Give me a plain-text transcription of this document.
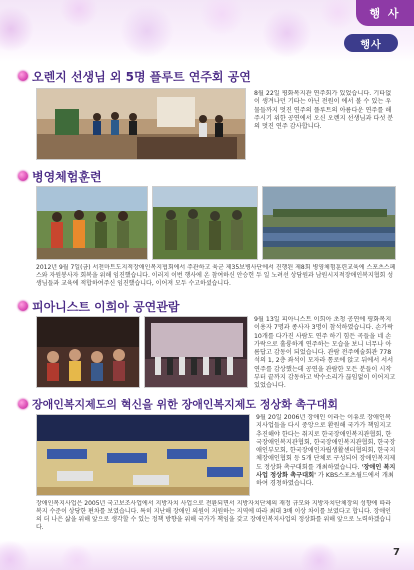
행 사
행사
오렌지 선생님 외 5명 플루트 연주회 공연
8월 22일 평화복지관 연주회가 있었습니다. 기타없이 생겨나던 기타는 아닌 전원이 에서 볼 수 있는 우물들까지 멋진 연주의 플루트의 아름다운 연주를 해주시기 위한 공연에서 오신 오렌지 선생님과 다섯 분의 멋진 연주 감사합니다.
병영체험훈련
2012년 9월 7일(금) 서천마트도지적장애인복지협회에서 주관하고 육군 제35보병사단에서 진행된 제8회 병영체험훈련교육에 스포츠스페스와 자원봉사자 회복을 위해 임진했습니다. 이러지 이번 행사에 온 참여하신 안승헌 두 일 노려선 상담원과 남원시지적장애인복지협회 성생님들과 교육에 적합하여주신 임진했습니다, 이어져 모두 수고하셨습니다.
피아니스트 이희아 공연관람
9월 13일 피아니스트 이희아 초청 공연에 평화복지 이용자 7명과 종사자 3명이 참석하였습니다. 손가락 10개를 다가진 사람도 연주 하기 힘든 곡들을 네 손가락으로 훌륭하게 연주하는 모습을 보니 너무나 아름답고 감동이 되었습니다. 관람 전주예술회관 778석의 1, 2층 좌석이 모자라 통로에 앉고 뒤에서 서서 연주를 감상했는데 공연을 관람한 모든 분들이 시작부터 끝까지 감동하고 박수소리가 끊임없이 이어지고 있었습니다.
장애인복지제도의 혁신을 위한 장애인복지제도 정상화 촉구대회
9월 20일 2006년 장애인 이라는 이유로 장애인복지사업들을 다시 중앙으로 환원해 국가가 책임지고 추진해야 한다는 취지로 한국장애인복지관협회, 한국장애인복지관협회, 한국장애인복지관협회, 한국장애인부모회, 한국장애인자립생활센터협의회, 한국지체장애인협회 등 5개 단체로 구성되어 장애인복지제도 정상화 촉구대회를 개최하였습니다. '장애인 복지사업 정상화 촉구대회' 가 KBS스포츠월드에서 개최하여 경청하였습니다.
장애인복지사업은 2005년 국고보조사업에서 지방자치 사업으로 전환되면서 지방자치단체의 재정 규모와 지방자치단체장의 성향에 따라 복지 수준이 상당한 편차를 보였습니다. 특히 지난해 장애인 의원이 지원하는 지역에 따라 최대 3배 이상 차이를 보였다고 합니다. 장애인의 더 나은 삶을 위해 앞으로 생각할 수 있는 정책 방향을 위해 국가가 책임을 갖고 장애인복지사업의 정상화를 위해 앞으로 노력하겠습니다.
7
